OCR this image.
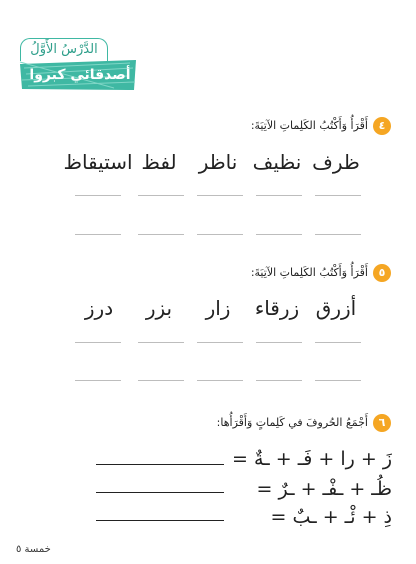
الدَّرْسُ الأَوَّلُ
أصدقائي كبروا
٤
أَقْرَأُ وَأَكْتُبُ الكَلِماتِ الآتِيَةَ:
ظرف
نظيف
ناظر
لفظ
استيقاظ
٥
أَقْرَأُ وَأَكْتُبُ الكَلِماتِ الآتِيَةَ:
أزرق
زرقاء
زار
بزر
درز
٦
أَجْمَعُ الحُروفَ في كَلِماتٍ وَأَقْرَأُها:
زَ + را + فَـ + ـةٌ =
ظُـ + ـفْـ + ـرٌ =
ذِ + ئْـ + ـبٌ =
خمسة ٥
